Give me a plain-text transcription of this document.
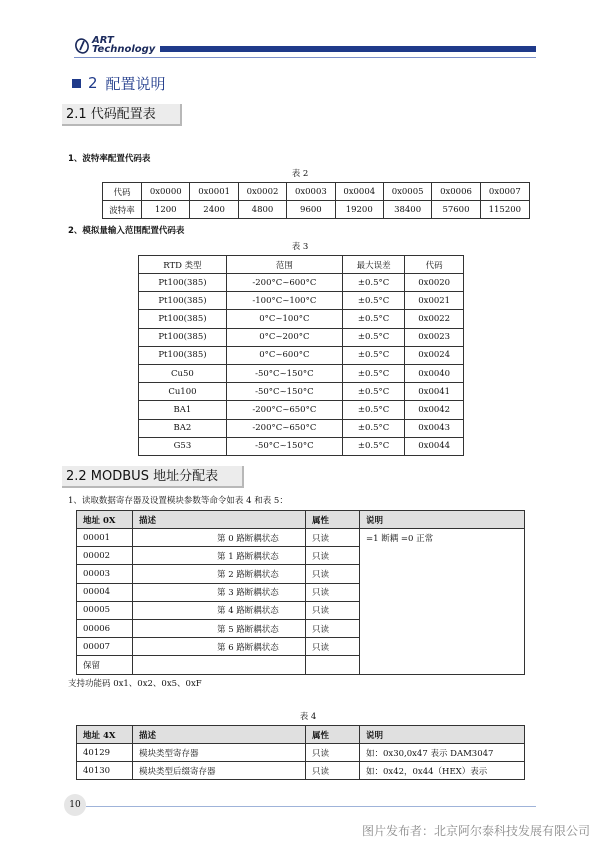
ART
Technology
2 配置说明
2.1 代码配置表
1、波特率配置代码表
表 2
代码	0x0000	0x0001	0x0002	0x0003	0x0004	0x0005	0x0006	0x0007
波特率	1200	2400	4800	9600	19200	38400	57600	115200
2、模拟量输入范围配置代码表
表 3
RTD 类型	范围	最大误差	代码
Pt100(385)	-200°C~600°C	±0.5°C	0x0020
Pt100(385)	-100°C~100°C	±0.5°C	0x0021
Pt100(385)	0°C~100°C	±0.5°C	0x0022
Pt100(385)	0°C~200°C	±0.5°C	0x0023
Pt100(385)	0°C~600°C	±0.5°C	0x0024
Cu50	-50°C~150°C	±0.5°C	0x0040
Cu100	-50°C~150°C	±0.5°C	0x0041
BA1	-200°C~650°C	±0.5°C	0x0042
BA2	-200°C~650°C	±0.5°C	0x0043
G53	-50°C~150°C	±0.5°C	0x0044
2.2 MODBUS 地址分配表
1、读取数据寄存器及设置模块参数等命令如表 4 和表 5：
地址 0X	描述	属性	说明
00001	第 0 路断耦状态	只读	=1 断耦 =0 正常
00002	第 1 路断耦状态	只读	
00003	第 2 路断耦状态	只读	
00004	第 3 路断耦状态	只读	
00005	第 4 路断耦状态	只读	
00006	第 5 路断耦状态	只读	
00007	第 6 路断耦状态	只读	
保留			
支持功能码 0x1、0x2、0x5、0xF
表 4
地址 4X	描述	属性	说明
40129	模块类型寄存器	只读	如：0x30,0x47 表示 DAM3047
40130	模块类型后缀寄存器	只读	如：0x42，0x44（HEX）表示
10
图片发布者：北京阿尔泰科技发展有限公司
